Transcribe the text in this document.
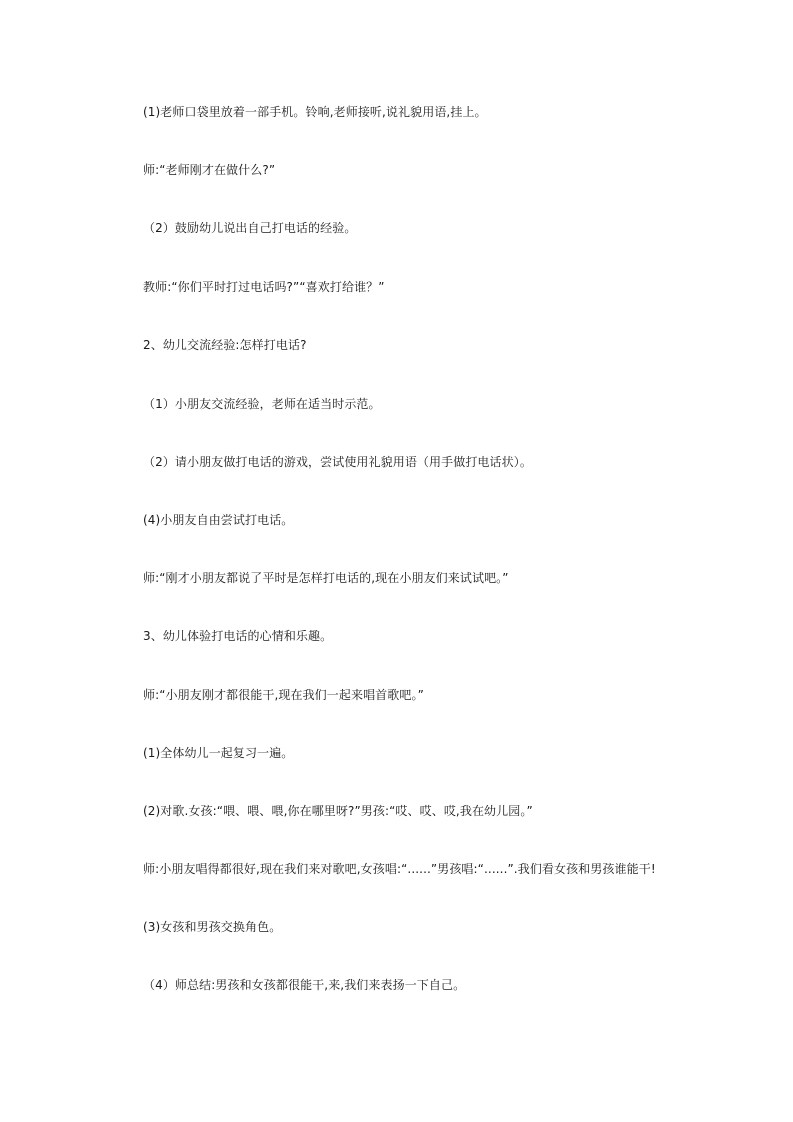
(1)老师口袋里放着一部手机。铃响,老师接听,说礼貌用语,挂上。
师:“老师刚才在做什么?”
（2）鼓励幼儿说出自己打电话的经验。
教师:“你们平时打过电话吗?”“喜欢打给谁？”
2、幼儿交流经验:怎样打电话?
（1）小朋友交流经验，老师在适当时示范。
（2）请小朋友做打电话的游戏，尝试使用礼貌用语（用手做打电话状）。
(4)小朋友自由尝试打电话。
师:“刚才小朋友都说了平时是怎样打电话的,现在小朋友们来试试吧。”
3、幼儿体验打电话的心情和乐趣。
师:“小朋友刚才都很能干,现在我们一起来唱首歌吧。”
(1)全体幼儿一起复习一遍。
(2)对歌.女孩:“喂、喂、喂,你在哪里呀?”男孩:“哎、哎、哎,我在幼儿园。”
师:小朋友唱得都很好,现在我们来对歌吧,女孩唱:“......”男孩唱:“......”.我们看女孩和男孩谁能干!
(3)女孩和男孩交换角色。
（4）师总结:男孩和女孩都很能干,来,我们来表扬一下自己。
